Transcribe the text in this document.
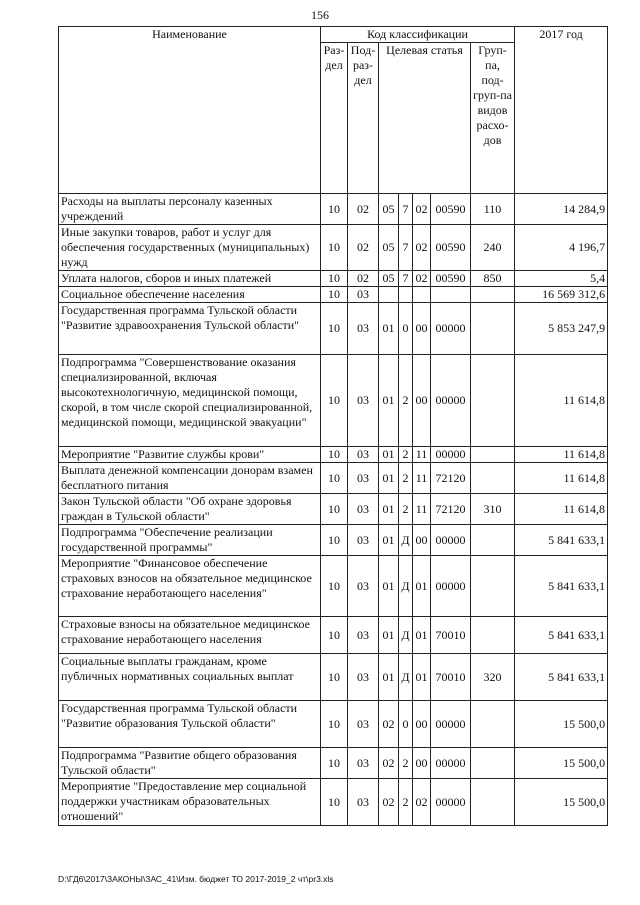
156
Наименование	Код классификации							2017 год
	Раз-дел	Под-раз-дел	Целевая статья				Груп-па, под-груп-па видов расхо-дов	
Расходы на выплаты персоналу казенных учреждений	10	02	05	7	02	00590	110	14 284,9
Иные закупки товаров, работ и услуг для обеспечения государственных (муниципальных) нужд	10	02	05	7	02	00590	240	4 196,7
Уплата налогов, сборов и иных платежей	10	02	05	7	02	00590	850	5,4
Социальное обеспечение населения	10	03						16 569 312,6
Государственная программа Тульской области "Развитие здравоохранения Тульской области"	10	03	01	0	00	00000		5 853 247,9
Подпрограмма "Совершенствование оказания специализированной, включая высокотехнологичную, медицинской помощи, скорой, в том числе скорой специализированной, медицинской помощи, медицинской эвакуации"	10	03	01	2	00	00000		11 614,8
Мероприятие "Развитие службы крови"	10	03	01	2	11	00000		11 614,8
Выплата денежной компенсации донорам взамен бесплатного питания	10	03	01	2	11	72120		11 614,8
Закон Тульской области "Об охране здоровья граждан в Тульской области"	10	03	01	2	11	72120	310	11 614,8
Подпрограмма "Обеспечение реализации государственной программы"	10	03	01	Д	00	00000		5 841 633,1
Мероприятие "Финансовое обеспечение страховых взносов на обязательное медицинское страхование неработающего населения"	10	03	01	Д	01	00000		5 841 633,1
Страховые взносы на обязательное медицинское страхование неработающего населения	10	03	01	Д	01	70010		5 841 633,1
Социальные выплаты гражданам, кроме публичных нормативных социальных выплат	10	03	01	Д	01	70010	320	5 841 633,1
Государственная программа Тульской области "Развитие образования Тульской области"	10	03	02	0	00	00000		15 500,0
Подпрограмма "Развитие общего образования Тульской области"	10	03	02	2	00	00000		15 500,0
Мероприятие "Предоставление мер социальной поддержки участникам образовательных отношений"	10	03	02	2	02	00000		15 500,0
D:\ГД6\2017\ЗАКОНЫ\ЗАС_41\Изм. бюджет ТО 2017-2019_2 чт\pr3.xls
